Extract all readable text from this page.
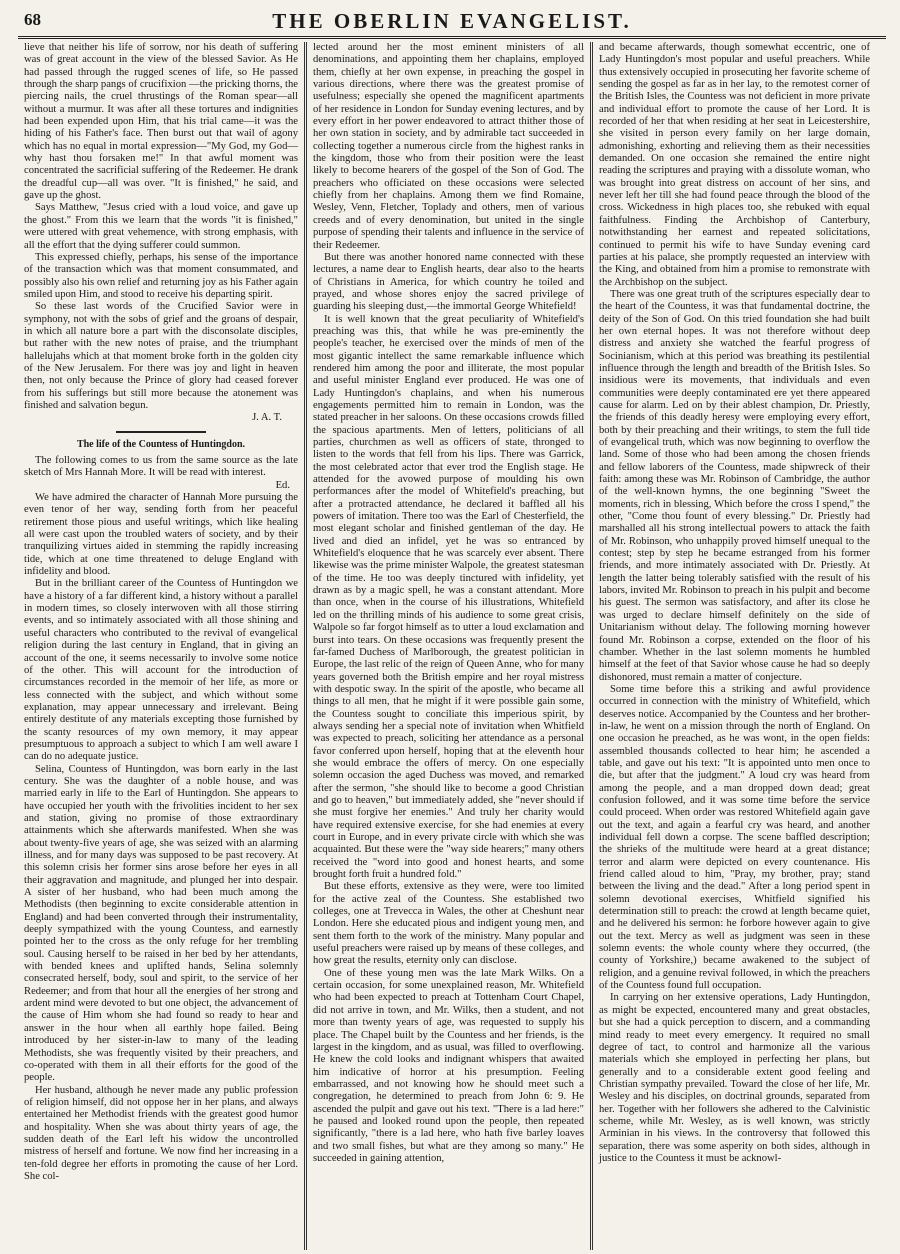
68	THE OBERLIN EVANGELIST.

lieve that neither his life of sorrow, nor his death of suffering was of great account in the view of the blessed Savior. As He had passed through the rugged scenes of life, so He passed through the sharp pangs of crucifixion —the pricking thorns, the piercing nails, the cruel thrustings of the Roman spear—all without a murmur. It was after all these tortures and indignities had been expended upon Him, that his trial came—it was the hiding of his Father's face. Then burst out that wail of agony which has no equal in mortal expression—"My God, my God—why hast thou forsaken me!" In that awful moment was concentrated the sacrificial suffering of the Redeemer. He drank the dreadful cup—all was over. "It is finished," he said, and gave up the ghost.

Says Matthew, "Jesus cried with a loud voice, and gave up the ghost." From this we learn that the words "it is finished," were uttered with great vehemence, with strong emphasis, with all the effort that the dying sufferer could summon.

This expressed chiefly, perhaps, his sense of the importance of the transaction which was that moment consummated, and possibly also his own relief and returning joy as his Father again smiled upon Him, and stood to receive his departing spirit.

So these last words of the Crucified Savior were in symphony, not with the sobs of grief and the groans of despair, in which all nature bore a part with the disconsolate disciples, but rather with the new notes of praise, and the triumphant hallelujahs which at that moment broke forth in the golden city of the New Jerusalem. For there was joy and light in heaven then, not only because the Prince of glory had ceased forever from his sufferings but still more because the atonement was finished and salvation begun.

J. A. T.
The life of the Countess of Huntingdon.

The following comes to us from the same source as the late sketch of Mrs Hannah More. It will be read with interest.

Ed.

We have admired the character of Hannah More pursuing the even tenor of her way, sending forth from her peaceful retirement those pious and useful writings, which like healing all were cast upon the troubled waters of society, and by their tranquilizing virtues aided in stemming the rapidly increasing tide, which at one time threatened to deluge England with infidelity and blood.

But in the brilliant career of the Countess of Huntingdon we have a history of a far different kind, a history without a parallel in modern times, so closely interwoven with all those stirring events, and so intimately associated with all those shining and useful characters who contributed to the revival of evangelical religion during the last century in England, that in giving an account of the one, it seems necessarily to involve some notice of the other. This will account for the introduction of circumstances recorded in the memoir of her life, as more or less connected with the subject, and which without some explanation, may appear unnecessary and irrelevant. Being entirely destitute of any materials excepting those furnished by the scanty resources of my own memory, it may appear presumptuous to approach a subject to which I am well aware I can do no adequate justice.

Selina, Countess of Huntingdon, was born early in the last century. She was the daughter of a noble house, and was married early in life to the Earl of Huntingdon. She appears to have occupied her youth with the frivolities incident to her sex and station, giving no promise of those extraordinary attainments which she afterwards manifested. When she was about twenty-five years of age, she was seized with an alarming illness, and for many days was supposed to be past recovery. At this solemn crisis her former sins arose before her eyes in all their aggravation and magnitude, and plunged her into despair. A sister of her husband, who had been much among the Methodists (then beginning to excite considerable attention in England) and had been converted through their instrumentality, deeply sympathized with the young Countess, and earnestly pointed her to the cross as the only refuge for her trembling soul. Causing herself to be raised in her bed by her attendants, with bended knees and uplifted hands, Selina solemnly consecrated herself, body, soul and spirit, to the service of her Redeemer; and from that hour all the energies of her strong and ardent mind were devoted to but one object, the advancement of the cause of Him whom she had found so ready to hear and answer in the hour when all earthly hope failed. Being introduced by her sister-in-law to many of the leading Methodists, she was frequently visited by their preachers, and co-operated with them in all their efforts for the good of the people.

Her husband, although he never made any public profession of religion himself, did not oppose her in her plans, and always entertained her Methodist friends with the greatest good humor and hospitality. When she was about thirty years of age, the sudden death of the Earl left his widow the uncontrolled mistress of herself and fortune. We now find her increasing in a ten-fold degree her efforts in promoting the cause of her Lord. She col-

lected around her the most eminent ministers of all denominations, and appointing them her chaplains, employed them, chiefly at her own expense, in preaching the gospel in various directions, where there was the greatest promise of usefulness; especially she opened the magnificent apartments of her residence in London for Sunday evening lectures, and by every effort in her power endeavored to attract thither those of her own station in society, and by admirable tact succeeded in collecting together a numerous circle from the highest ranks in the kingdom, those who from their position were the least likely to become hearers of the gospel of the Son of God. The preachers who officiated on these occasions were selected chiefly from her chaplains. Among them we find Romaine, Wesley, Venn, Fletcher, Toplady and others, men of various creeds and of every denomination, but united in the single purpose of spending their talents and influence in the service of their Redeemer.

But there was another honored name connected with these lectures, a name dear to English hearts, dear also to the hearts of Christians in America, for which country he toiled and prayed, and whose shores enjoy the sacred privilege of guarding his sleeping dust,—the immortal George Whitefield!

It is well known that the great peculiarity of Whitefield's preaching was this, that while he was pre-eminently the people's teacher, he exercised over the minds of men of the most gigantic intellect the same remarkable influence which rendered him among the poor and illiterate, the most popular and useful minister England ever produced. He was one of Lady Huntingdon's chaplains, and when his numerous engagements permitted him to remain in London, was the stated preacher in her saloons. On these occasions crowds filled the spacious apartments. Men of letters, politicians of all parties, churchmen as well as officers of state, thronged to listen to the words that fell from his lips. There was Garrick, the most celebrated actor that ever trod the English stage. He attended for the avowed purpose of moulding his own performances after the model of Whitefield's preaching, but after a protracted attendance, he declared it baffled all his powers of imitation. There too was the Earl of Chesterfield, the most elegant scholar and finished gentleman of the day. He lived and died an infidel, yet he was so entranced by Whitefield's eloquence that he was scarcely ever absent. There likewise was the prime minister Walpole, the greatest statesman of the time. He too was deeply tinctured with infidelity, yet drawn as by a magic spell, he was a constant attendant. More than once, when in the course of his illustrations, Whitefield led on the thrilling minds of his audience to some great crisis, Walpole so far forgot himself as to utter a loud exclamation and burst into tears. On these occasions was frequently present the far-famed Duchess of Marlborough, the greatest politician in Europe, the last relic of the reign of Queen Anne, who for many years governed both the British empire and her royal mistress with despotic sway. In the spirit of the apostle, who became all things to all men, that he might if it were possible gain some, the Countess sought to conciliate this imperious spirit, by always sending her a special note of invitation when Whitfield was expected to preach, soliciting her attendance as a personal favor conferred upon herself, hoping that at the eleventh hour she would embrace the offers of mercy. On one especially solemn occasion the aged Duchess was moved, and remarked after the sermon, "she should like to become a good Christian and go to heaven," but immediately added, she "never should if she must forgive her enemies." And truly her charity would have required extensive exercise, for she had enemies at every court in Europe, and in every private circle with which she was acquainted. But these were the "way side hearers;" many others received the "word into good and honest hearts, and some brought forth fruit a hundred fold."

But these efforts, extensive as they were, were too limited for the active zeal of the Countess. She established two colleges, one at Trevecca in Wales, the other at Cheshunt near London. Here she educated pious and indigent young men, and sent them forth to the work of the ministry. Many popular and useful preachers were raised up by means of these colleges, and how great the results, eternity only can disclose.

One of these young men was the late Mark Wilks. On a certain occasion, for some unexplained reason, Mr. Whitefield who had been expected to preach at Tottenham Court Chapel, did not arrive in town, and Mr. Wilks, then a student, and not more than twenty years of age, was requested to supply his place. The Chapel built by the Countess and her friends, is the largest in the kingdom, and as usual, was filled to overflowing. He knew the cold looks and indignant whispers that awaited him indicative of horror at his presumption. Feeling embarrassed, and not knowing how he should meet such a congregation, he determined to preach from John 6: 9. He ascended the pulpit and gave out his text. "There is a lad here:" he paused and looked round upon the people, then repeated significantly, "there is a lad here, who hath five barley loaves and two small fishes, but what are they among so many." He succeeded in gaining attention,

and became afterwards, though somewhat eccentric, one of Lady Huntingdon's most popular and useful preachers. While thus extensively occupied in prosecuting her favorite scheme of sending the gospel as far as in her lay, to the remotest corner of the British Isles, the Countess was not deficient in more private and individual effort to promote the cause of her Lord. It is recorded of her that when residing at her seat in Leicestershire, she visited in person every family on her large domain, admonishing, exhorting and relieving them as their necessities demanded. On one occasion she remained the entire night reading the scriptures and praying with a dissolute woman, who was brought into great distress on account of her sins, and never left her till she had found peace through the blood of the cross. Wickedness in high places too, she rebuked with equal faithfulness. Finding the Archbishop of Canterbury, notwithstanding her earnest and repeated solicitations, continued to permit his wife to have Sunday evening card parties at his palace, she promptly requested an interview with the King, and obtained from him a promise to remonstrate with the Archbishop on the subject.

There was one great truth of the scriptures especially dear to the heart of the Countess, it was that fundamental doctrine, the deity of the Son of God. On this tried foundation she had built her own eternal hopes. It was not therefore without deep distress and anxiety she watched the fearful progress of Socinianism, which at this period was breathing its pestilential influence through the length and breadth of the British Isles. So insidious were its movements, that individuals and even communities were deeply contaminated ere yet there appeared cause for alarm. Led on by their ablest champion, Dr. Priestly, the friends of this deadly heresy were employing every effort, both by their preaching and their writings, to stem the full tide of evangelical truth, which was now beginning to overflow the land. Some of those who had been among the chosen friends and fellow laborers of the Countess, made shipwreck of their faith: among these was Mr. Robinson of Cambridge, the author of the well-known hymns, the one beginning "Sweet the moments, rich in blessing, Which before the cross I spend," the other, "Come thou fount of every blessing." Dr. Priestly had marshalled all his strong intellectual powers to attack the faith of Mr. Robinson, who unhappily proved himself unequal to the contest; step by step he became estranged from his former friends, and more intimately associated with Dr. Priestly. At length the latter being tolerably satisfied with the result of his labors, invited Mr. Robinson to preach in his pulpit and become his guest. The sermon was satisfactory, and after its close he was urged to declare himself definitely on the side of Unitarianism without delay. The following morning however found Mr. Robinson a corpse, extended on the floor of his chamber. Whether in the last solemn moments he humbled himself at the feet of that Savior whose cause he had so deeply dishonored, must remain a matter of conjecture.

Some time before this a striking and awful providence occurred in connection with the ministry of Whitefield, which deserves notice. Accompanied by the Countess and her brother-in-law, he went on a mission through the north of England. On one occasion he preached, as he was wont, in the open fields: assembled thousands collected to hear him; he ascended a table, and gave out his text: "It is appointed unto men once to die, but after that the judgment." A loud cry was heard from among the people, and a man dropped down dead; great confusion followed, and it was some time before the service could proceed. When order was restored Whitefield again gave out the text, and again a fearful cry was heard, and another individual fell down a corpse. The scene baffled description; the shrieks of the multitude were heard at a great distance; terror and alarm were depicted on every countenance. His friend called aloud to him, "Pray, my brother, pray; stand between the living and the dead." After a long period spent in solemn devotional exercises, Whitfield signified his determination still to preach: the crowd at length became quiet, and he delivered his sermon: he forbore however again to give out the text. Mercy as well as judgment was seen in these solemn events: the whole county where they occurred, (the county of Yorkshire,) became awakened to the subject of religion, and a genuine revival followed, in which the preachers of the Countess found full occupation.

In carrying on her extensive operations, Lady Huntingdon, as might be expected, encountered many and great obstacles, but she had a quick perception to discern, and a commanding mind ready to meet every emergency. It required no small degree of tact, to control and harmonize all the various materials which she employed in perfecting her plans, but generally and to a considerable extent good feeling and Christian sympathy prevailed. Toward the close of her life, Mr. Wesley and his disciples, on doctrinal grounds, separated from her. Together with her followers she adhered to the Calvinistic scheme, while Mr. Wesley, as is well known, was strictly Arminian in his views. In the controversy that followed this separation, there was some asperity on both sides, although in justice to the Countess it must be acknowl-
